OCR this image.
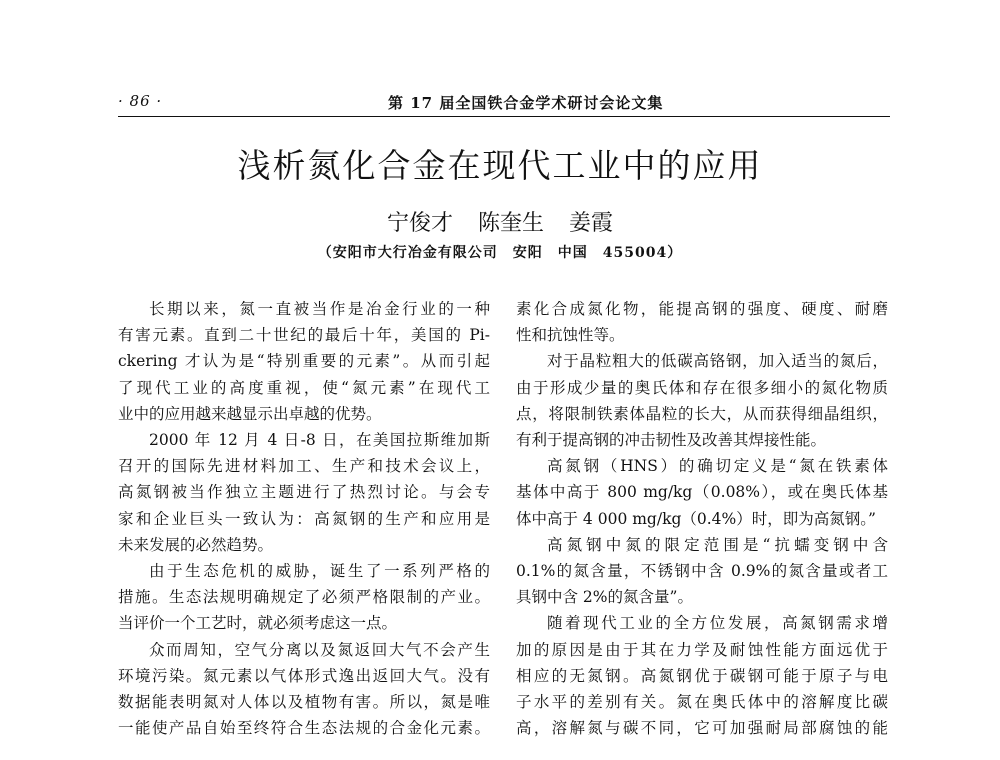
· 86 ·	第 17 届全国铁合金学术研讨会论文集
浅析氮化合金在现代工业中的应用
宁俊才 陈奎生 姜霞
（安阳市大行冶金有限公司　安阳　中国　455004）

长期以来，氮一直被当作是冶金行业的一种

有害元素。直到二十世纪的最后十年，美国的 Pi-

ckering 才认为是“特别重要的元素”。从而引起

了现代工业的高度重视，使“氮元素”在现代工

业中的应用越来越显示出卓越的优势。

2000 年 12 月 4 日-8 日，在美国拉斯维加斯

召开的国际先进材料加工、生产和技术会议上，

高氮钢被当作独立主题进行了热烈讨论。与会专

家和企业巨头一致认为：高氮钢的生产和应用是

未来发展的必然趋势。

由于生态危机的威胁，诞生了一系列严格的

措施。生态法规明确规定了必须严格限制的产业。

当评价一个工艺时，就必须考虑这一点。

众而周知，空气分离以及氮返回大气不会产生

环境污染。氮元素以气体形式逸出返回大气。没有

数据能表明氮对人体以及植物有害。所以，氮是唯

一能使产品自始至终符合生态法规的合金化元素。

素化合成氮化物，能提高钢的强度、硬度、耐磨

性和抗蚀性等。

对于晶粒粗大的低碳高铬钢，加入适当的氮后，

由于形成少量的奥氏体和存在很多细小的氮化物质

点，将限制铁素体晶粒的长大，从而获得细晶组织，

有利于提高钢的冲击韧性及改善其焊接性能。

高氮钢（HNS）的确切定义是“氮在铁素体

基体中高于 800 mg/kg（0.08%），或在奥氏体基

体中高于 4 000 mg/kg（0.4%）时，即为高氮钢。”

高氮钢中氮的限定范围是“抗蠕变钢中含

0.1%的氮含量，不锈钢中含 0.9%的氮含量或者工

具钢中含 2%的氮含量”。

随着现代工业的全方位发展，高氮钢需求增

加的原因是由于其在力学及耐蚀性能方面远优于

相应的无氮钢。高氮钢优于碳钢可能于原子与电

子水平的差别有关。氮在奥氏体中的溶解度比碳

高，溶解氮与碳不同，它可加强耐局部腐蚀的能
